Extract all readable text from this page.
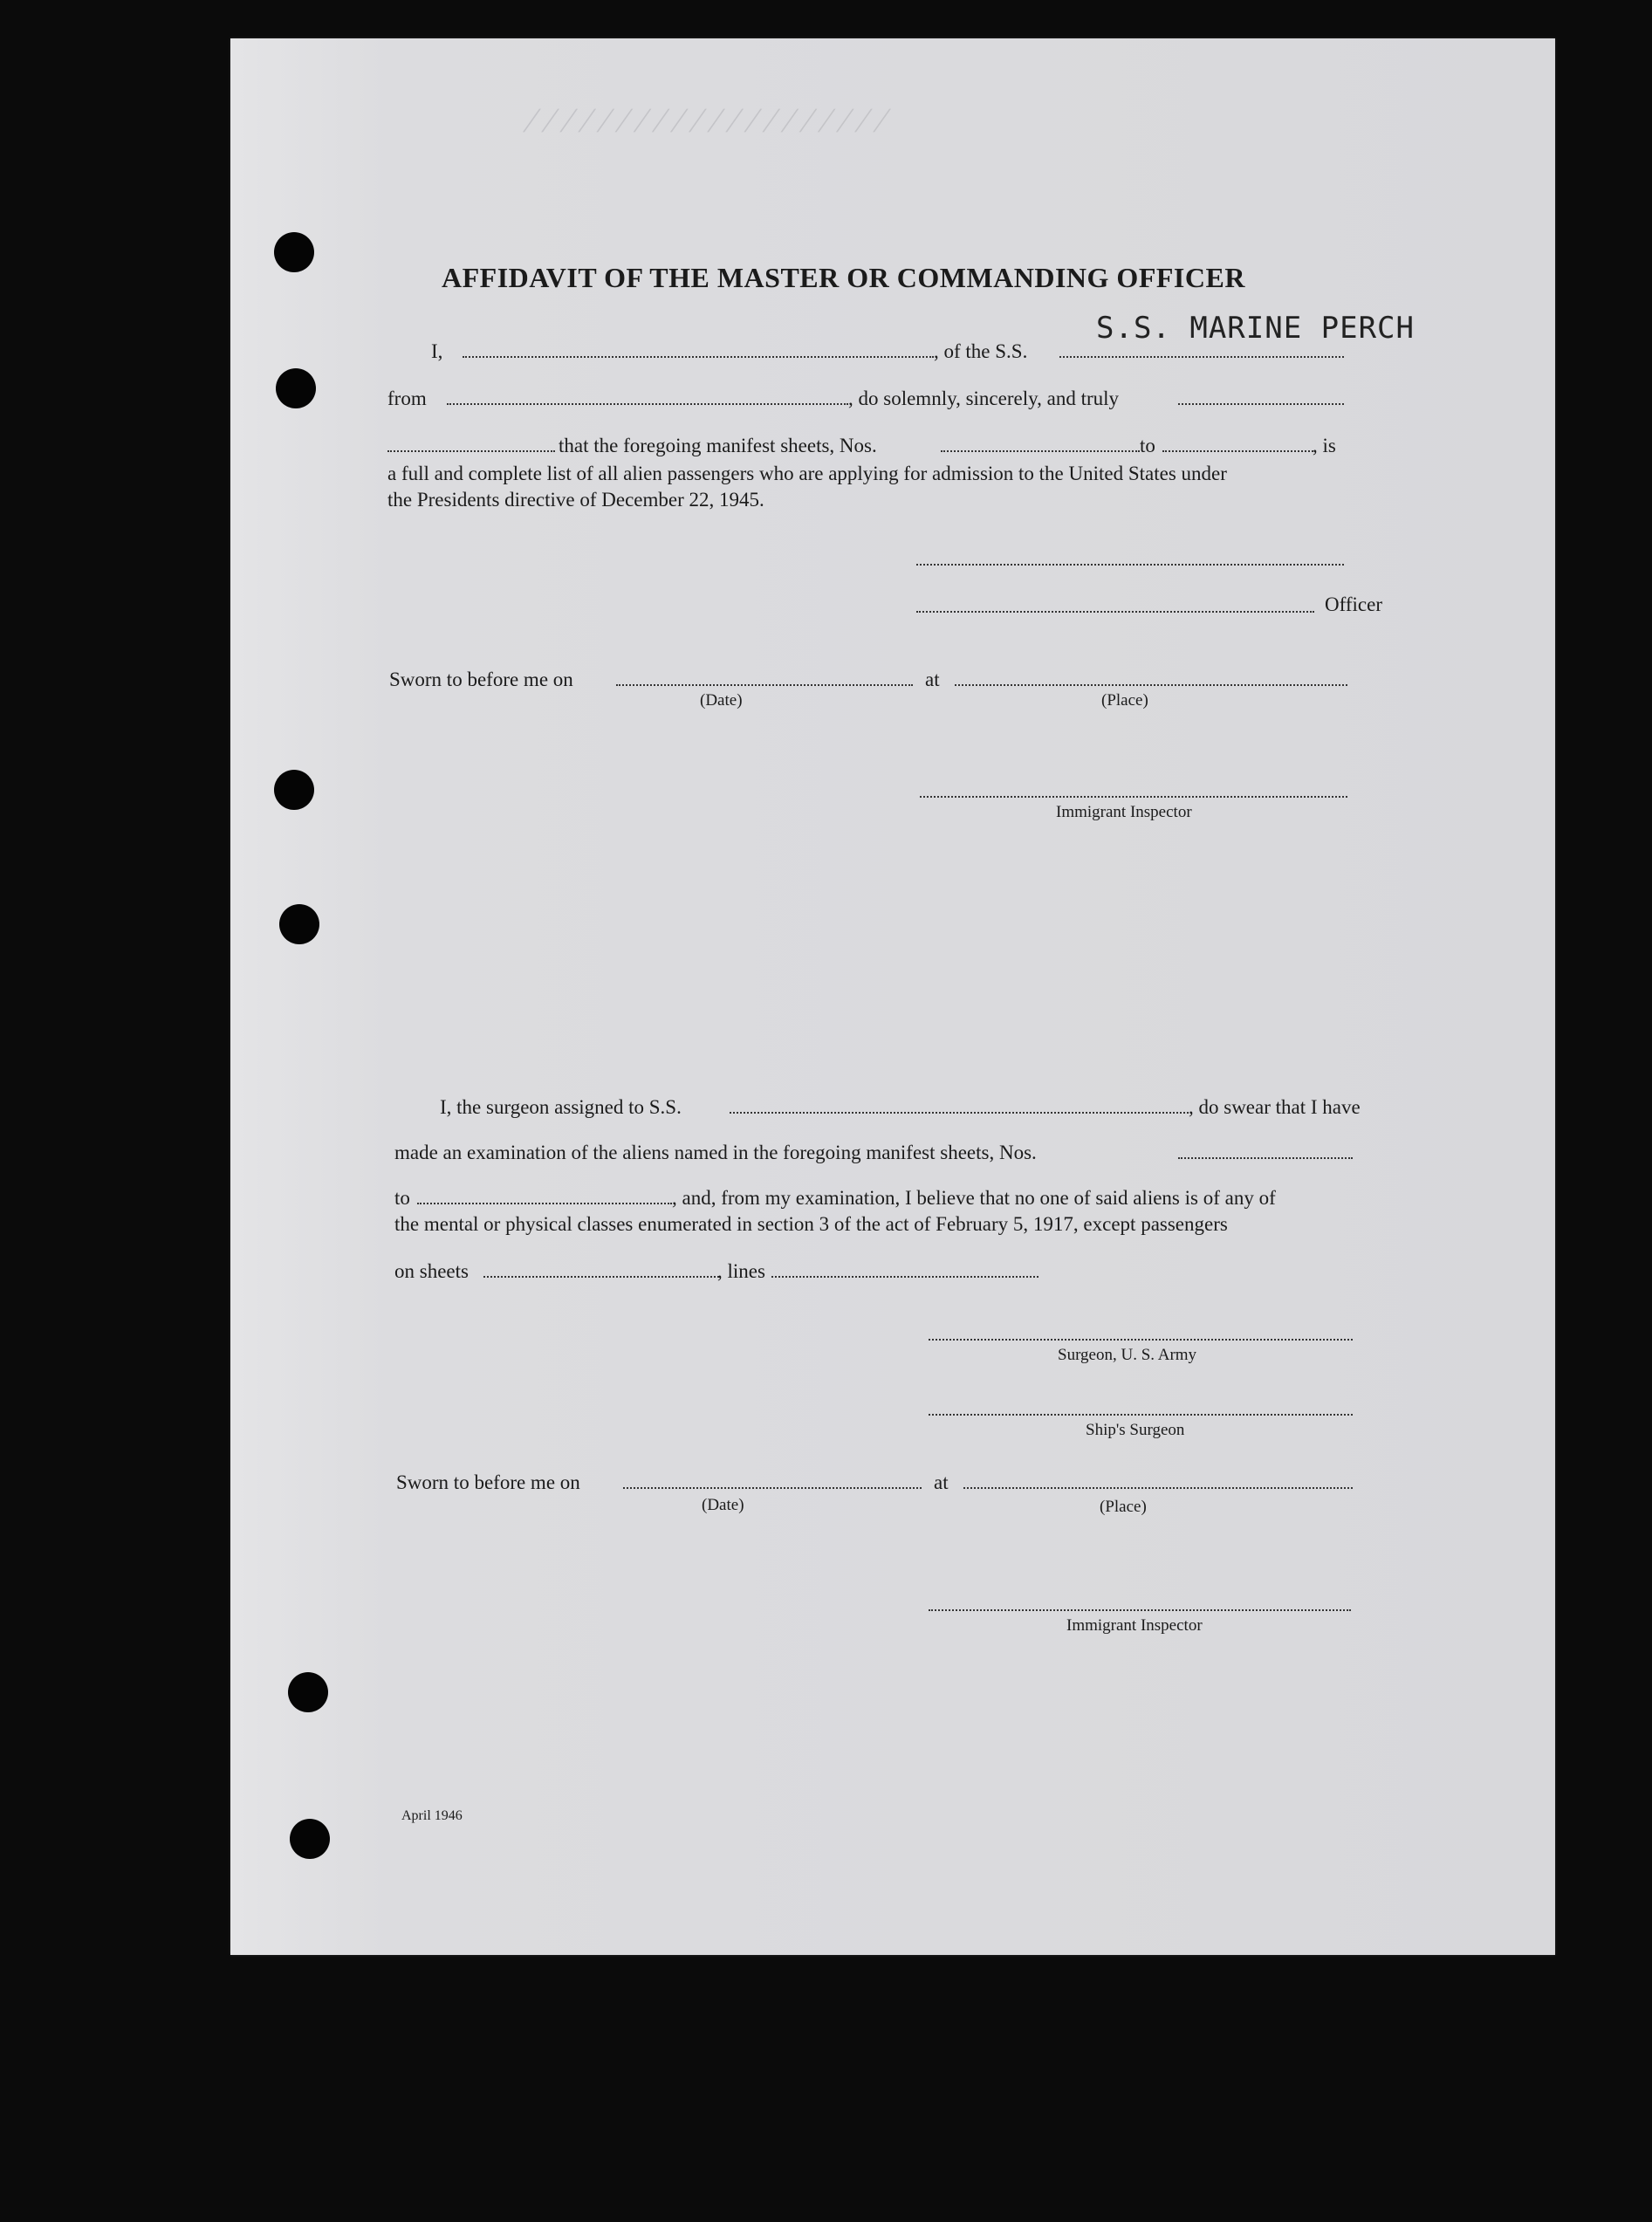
/ / / / / / / / / / / / / / / / / / / /
AFFIDAVIT OF THE MASTER OR COMMANDING OFFICER
I,	, of the S.S.
S.S. MARINE PERCH
from	, do solemnly, sincerely, and truly
that the foregoing manifest sheets, Nos.	to	, is
a full and complete list of all alien passengers who are applying for admission to the United States under
the Presidents directive of December 22, 1945.
Officer
Sworn to before me on	at
(Date)	(Place)
Immigrant Inspector
I, the surgeon assigned to S.S.	, do swear that I have
made an examination of the aliens named in the foregoing manifest sheets, Nos.
to	, and, from my examination, I believe that no one of said aliens is of any of
the mental or physical classes enumerated in section 3 of the act of February 5, 1917, except passengers
on sheets	, lines
Surgeon, U. S. Army
Ship's Surgeon
Sworn to before me on	at
(Date)	(Place)
Immigrant Inspector
April 1946
